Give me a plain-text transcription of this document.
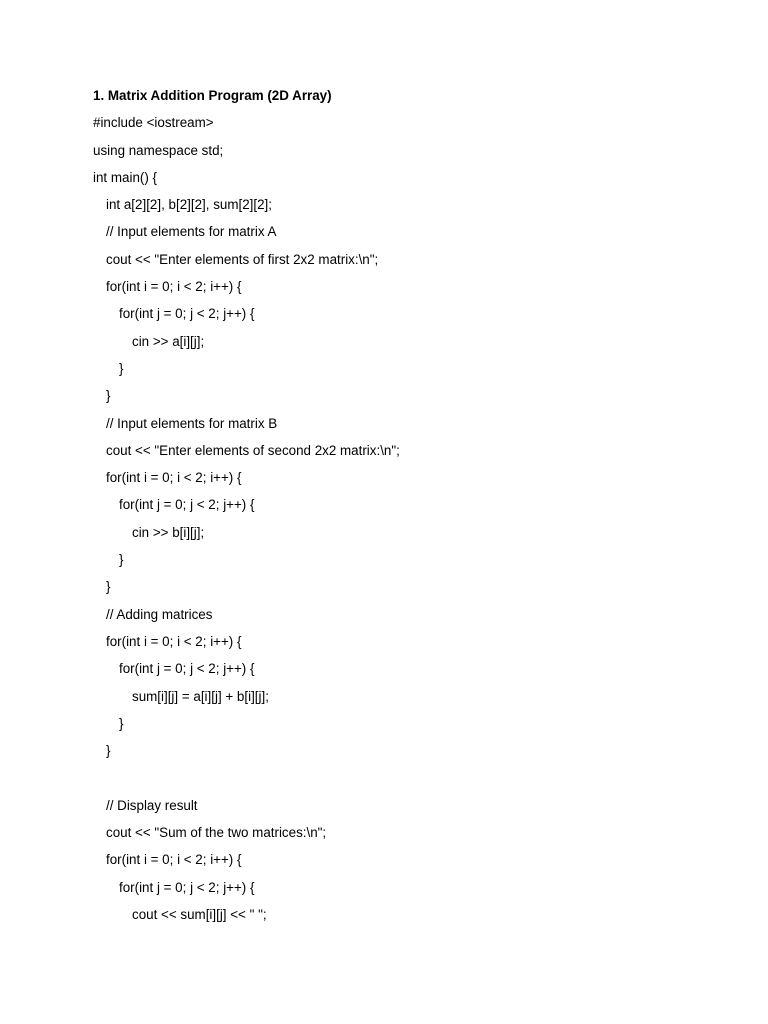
1. Matrix Addition Program (2D Array)
#include <iostream>
using namespace std;
int main() {
int a[2][2], b[2][2], sum[2][2];
// Input elements for matrix A
cout << "Enter elements of first 2x2 matrix:\n";
for(int i = 0; i < 2; i++) {
for(int j = 0; j < 2; j++) {
cin >> a[i][j];
}
}
// Input elements for matrix B
cout << "Enter elements of second 2x2 matrix:\n";
for(int i = 0; i < 2; i++) {
for(int j = 0; j < 2; j++) {
cin >> b[i][j];
}
}
// Adding matrices
for(int i = 0; i < 2; i++) {
for(int j = 0; j < 2; j++) {
sum[i][j] = a[i][j] + b[i][j];
}
}
// Display result
cout << "Sum of the two matrices:\n";
for(int i = 0; i < 2; i++) {
for(int j = 0; j < 2; j++) {
cout << sum[i][j] << " ";
